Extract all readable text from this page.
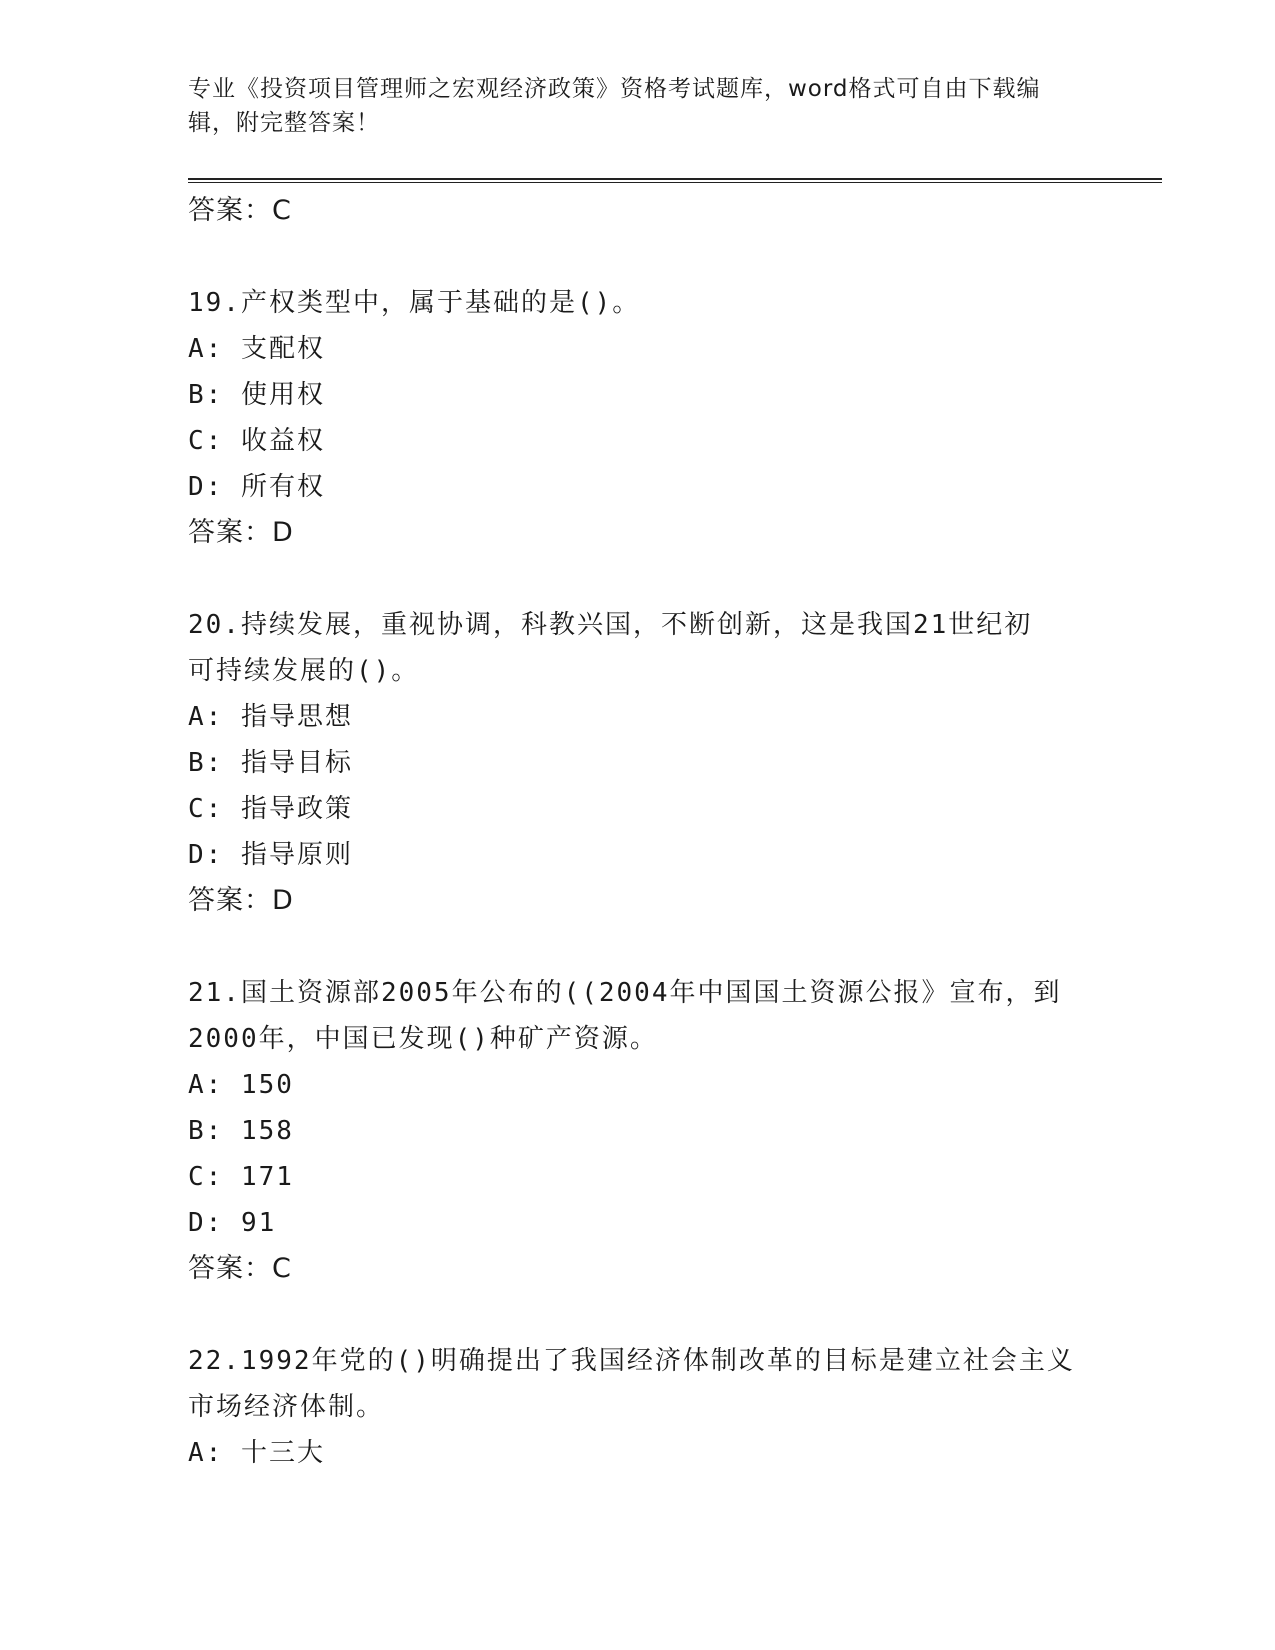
专业《投资项目管理师之宏观经济政策》资格考试题库，word格式可自由下载编
辑，附完整答案！
答案：C
19.产权类型中，属于基础的是()。
A: 支配权
B: 使用权
C: 收益权
D: 所有权
答案：D
20.持续发展，重视协调，科教兴国，不断创新，这是我国21世纪初
可持续发展的()。
A: 指导思想
B: 指导目标
C: 指导政策
D: 指导原则
答案：D
21.国土资源部2005年公布的((2004年中国国土资源公报》宣布，到
2000年，中国已发现()种矿产资源。
A: 150
B: 158
C: 171
D: 91
答案：C
22.1992年党的()明确提出了我国经济体制改革的目标是建立社会主义
市场经济体制。
A: 十三大
